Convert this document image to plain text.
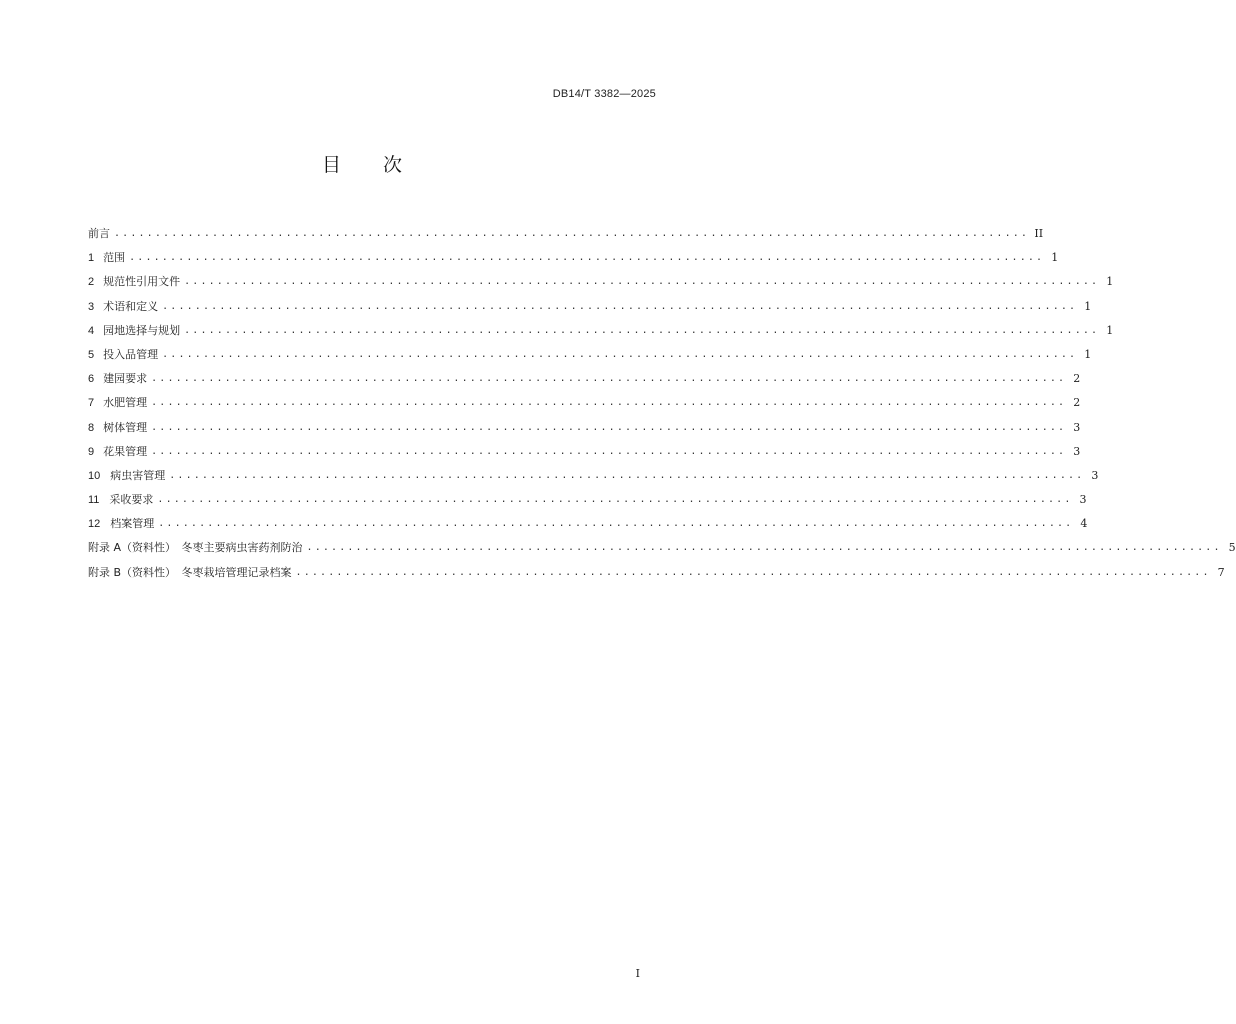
DB14/T 3382—2025
目 次
前言 ................................................................................................................ II
1 范围 ................................................................................................................ 1
2 规范性引用文件 ................................................................................................................ 1
3 术语和定义 ................................................................................................................ 1
4 园地选择与规划 ................................................................................................................ 1
5 投入品管理 ................................................................................................................ 1
6 建园要求 ................................................................................................................ 2
7 水肥管理 ................................................................................................................ 2
8 树体管理 ................................................................................................................ 3
9 花果管理 ................................................................................................................ 3
10 病虫害管理 ................................................................................................................ 3
11 采收要求 ................................................................................................................ 3
12 档案管理 ................................................................................................................ 4
附录 A（资料性）　冬枣主要病虫害药剂防治 ................................................................................................................ 5
附录 B（资料性）　冬枣栽培管理记录档案 ................................................................................................................ 7
I
